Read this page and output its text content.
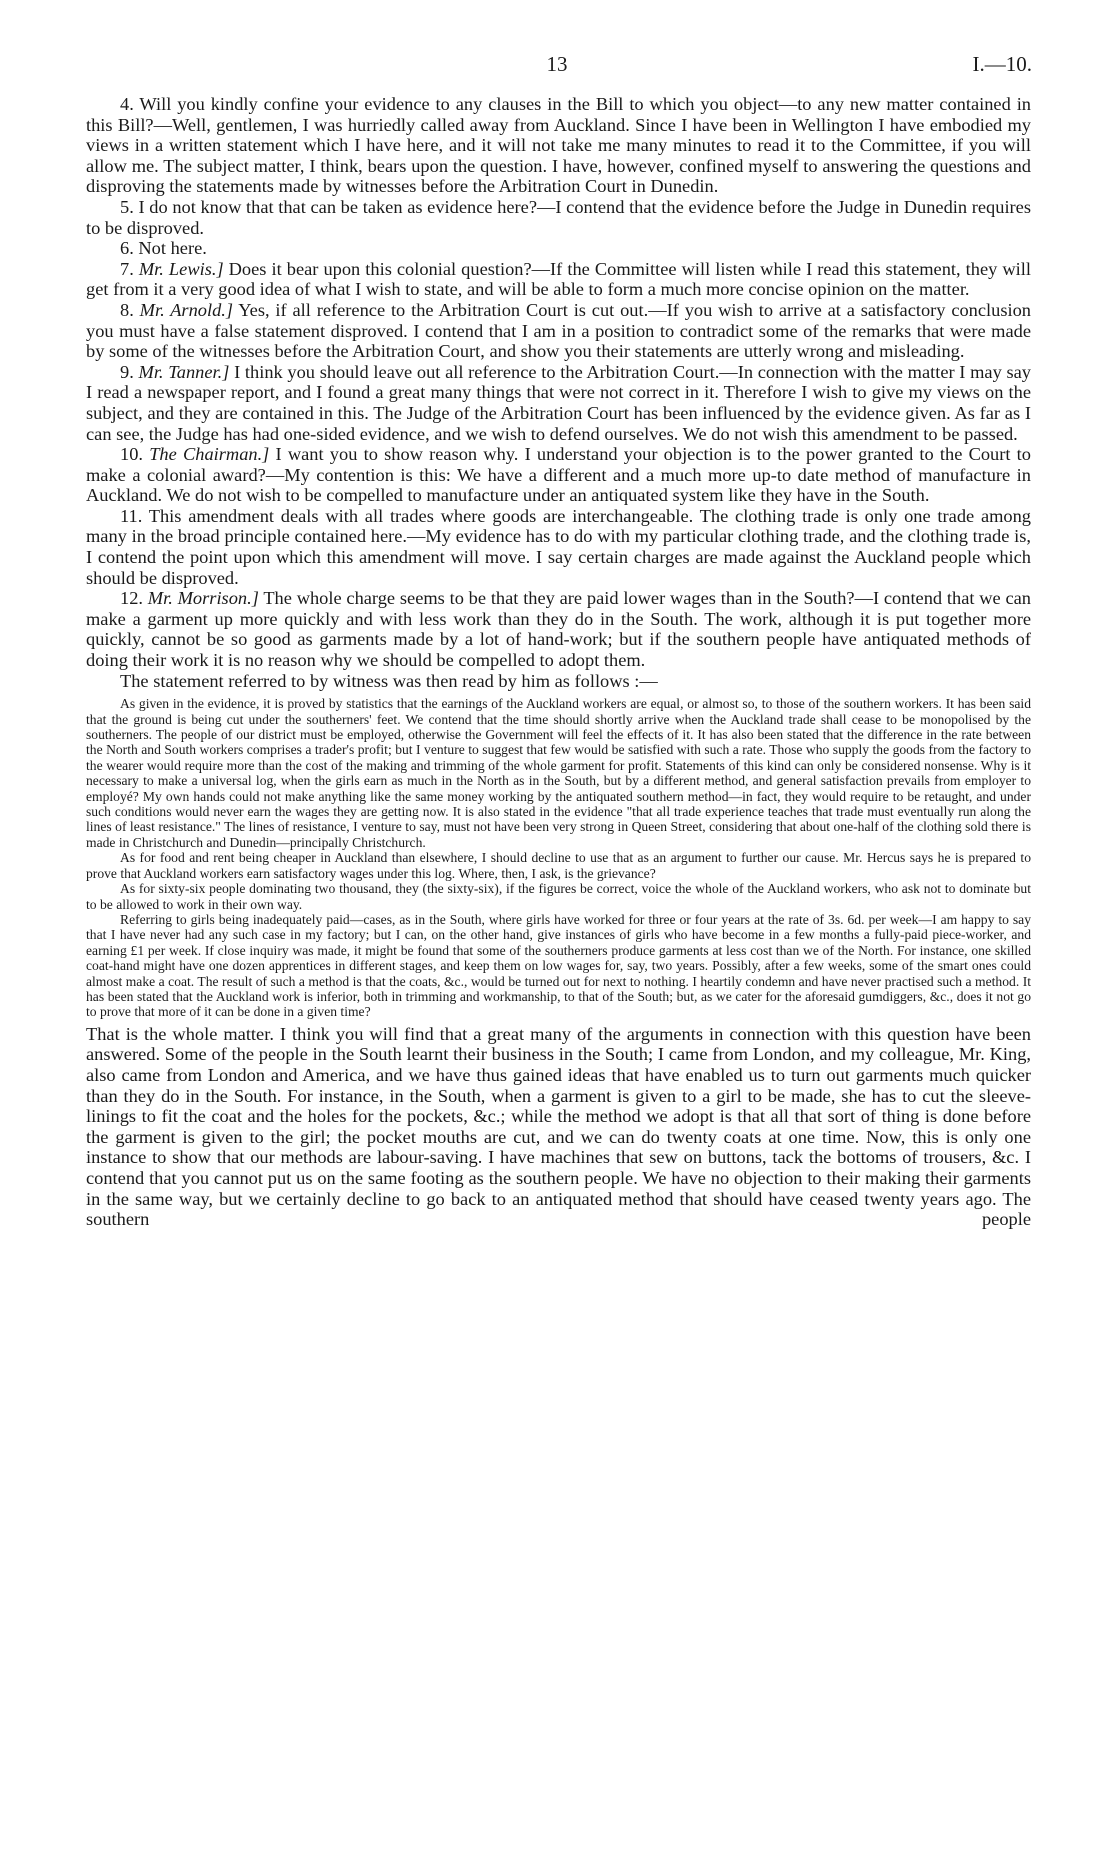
13	I.—10.

4. Will you kindly confine your evidence to any clauses in the Bill to which you object—to any new matter contained in this Bill?—Well, gentlemen, I was hurriedly called away from Auckland. Since I have been in Wellington I have embodied my views in a written statement which I have here, and it will not take me many minutes to read it to the Committee, if you will allow me. The subject matter, I think, bears upon the question. I have, however, confined myself to answering the questions and disproving the statements made by witnesses before the Arbitration Court in Dunedin.

5. I do not know that that can be taken as evidence here?—I contend that the evidence before the Judge in Dunedin requires to be disproved.

6. Not here.

7. Mr. Lewis.] Does it bear upon this colonial question?—If the Committee will listen while I read this statement, they will get from it a very good idea of what I wish to state, and will be able to form a much more concise opinion on the matter.

8. Mr. Arnold.] Yes, if all reference to the Arbitration Court is cut out.—If you wish to arrive at a satisfactory conclusion you must have a false statement disproved. I contend that I am in a position to contradict some of the remarks that were made by some of the witnesses before the Arbitration Court, and show you their statements are utterly wrong and misleading.

9. Mr. Tanner.] I think you should leave out all reference to the Arbitration Court.—In connection with the matter I may say I read a newspaper report, and I found a great many things that were not correct in it. Therefore I wish to give my views on the subject, and they are contained in this. The Judge of the Arbitration Court has been influenced by the evidence given. As far as I can see, the Judge has had one-sided evidence, and we wish to defend ourselves. We do not wish this amendment to be passed.

10. The Chairman.] I want you to show reason why. I understand your objection is to the power granted to the Court to make a colonial award?—My contention is this: We have a different and a much more up-to date method of manufacture in Auckland. We do not wish to be compelled to manufacture under an antiquated system like they have in the South.

11. This amendment deals with all trades where goods are interchangeable. The clothing trade is only one trade among many in the broad principle contained here.—My evidence has to do with my particular clothing trade, and the clothing trade is, I contend the point upon which this amendment will move. I say certain charges are made against the Auckland people which should be disproved.

12. Mr. Morrison.] The whole charge seems to be that they are paid lower wages than in the South?—I contend that we can make a garment up more quickly and with less work than they do in the South. The work, although it is put together more quickly, cannot be so good as garments made by a lot of hand-work; but if the southern people have antiquated methods of doing their work it is no reason why we should be compelled to adopt them.

The statement referred to by witness was then read by him as follows :—

As given in the evidence, it is proved by statistics that the earnings of the Auckland workers are equal, or almost so, to those of the southern workers. It has been said that the ground is being cut under the southerners' feet. We contend that the time should shortly arrive when the Auckland trade shall cease to be monopolised by the southerners. The people of our district must be employed, otherwise the Government will feel the effects of it. It has also been stated that the difference in the rate between the North and South workers comprises a trader's profit; but I venture to suggest that few would be satisfied with such a rate. Those who supply the goods from the factory to the wearer would require more than the cost of the making and trimming of the whole garment for profit. Statements of this kind can only be considered nonsense. Why is it necessary to make a universal log, when the girls earn as much in the North as in the South, but by a different method, and general satisfaction prevails from employer to employé? My own hands could not make anything like the same money working by the antiquated southern method—in fact, they would require to be retaught, and under such conditions would never earn the wages they are getting now. It is also stated in the evidence "that all trade experience teaches that trade must eventually run along the lines of least resistance." The lines of resistance, I venture to say, must not have been very strong in Queen Street, considering that about one-half of the clothing sold there is made in Christchurch and Dunedin—principally Christchurch.

As for food and rent being cheaper in Auckland than elsewhere, I should decline to use that as an argument to further our cause. Mr. Hercus says he is prepared to prove that Auckland workers earn satisfactory wages under this log. Where, then, I ask, is the grievance?

As for sixty-six people dominating two thousand, they (the sixty-six), if the figures be correct, voice the whole of the Auckland workers, who ask not to dominate but to be allowed to work in their own way.

Referring to girls being inadequately paid—cases, as in the South, where girls have worked for three or four years at the rate of 3s. 6d. per week—I am happy to say that I have never had any such case in my factory; but I can, on the other hand, give instances of girls who have become in a few months a fully-paid piece-worker, and earning £1 per week. If close inquiry was made, it might be found that some of the southerners produce garments at less cost than we of the North. For instance, one skilled coat-hand might have one dozen apprentices in different stages, and keep them on low wages for, say, two years. Possibly, after a few weeks, some of the smart ones could almost make a coat. The result of such a method is that the coats, &c., would be turned out for next to nothing. I heartily condemn and have never practised such a method. It has been stated that the Auckland work is inferior, both in trimming and workmanship, to that of the South; but, as we cater for the aforesaid gumdiggers, &c., does it not go to prove that more of it can be done in a given time?

That is the whole matter. I think you will find that a great many of the arguments in connection with this question have been answered. Some of the people in the South learnt their business in the South; I came from London, and my colleague, Mr. King, also came from London and America, and we have thus gained ideas that have enabled us to turn out garments much quicker than they do in the South. For instance, in the South, when a garment is given to a girl to be made, she has to cut the sleeve-linings to fit the coat and the holes for the pockets, &c.; while the method we adopt is that all that sort of thing is done before the garment is given to the girl; the pocket mouths are cut, and we can do twenty coats at one time. Now, this is only one instance to show that our methods are labour-saving. I have machines that sew on buttons, tack the bottoms of trousers, &c. I contend that you cannot put us on the same footing as the southern people. We have no objection to their making their garments in the same way, but we certainly decline to go back to an antiquated method that should have ceased twenty years ago. The southern people
